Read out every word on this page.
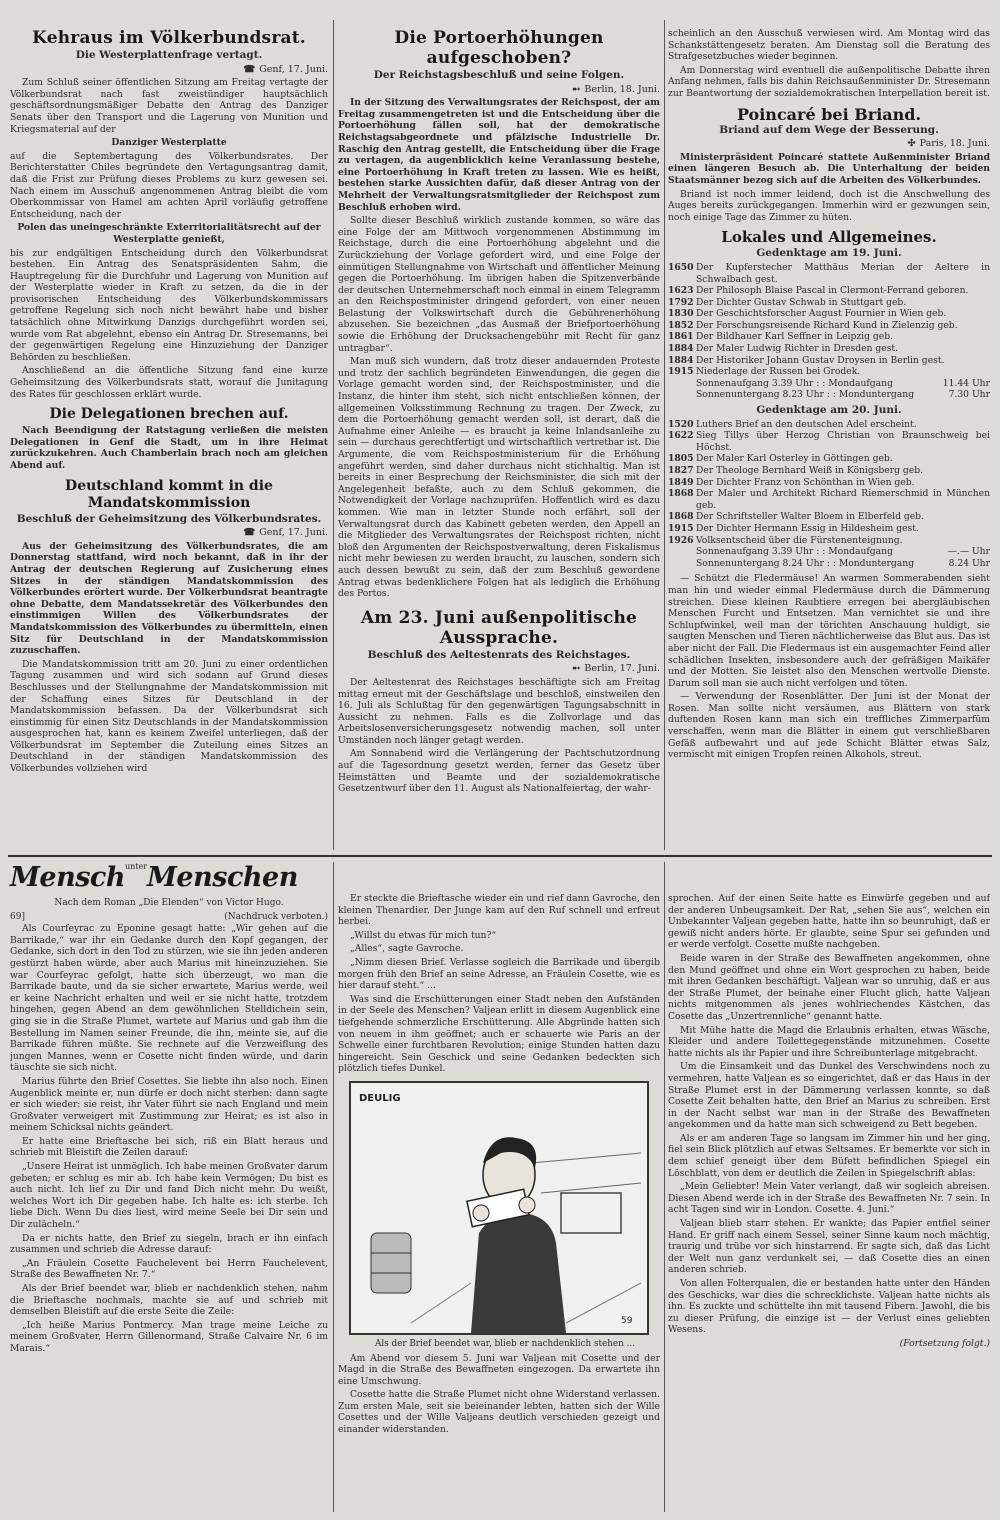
Kehraus im Völkerbundsrat.
Die Westerplattenfrage vertagt.
☎ Genf, 17. Juni.

Zum Schluß seiner öffentlichen Sitzung am Freitag vertagte der Völkerbundsrat nach fast zweistündiger hauptsächlich geschäftsordnungsmäßiger Debatte den Antrag des Danziger Senats über den Transport und die Lagerung von Munition und Kriegsmaterial auf der

Danziger Westerplatte

auf die Septembertagung des Völkerbundsrates. Der Berichterstatter Chiles begründete den Vertagungsantrag damit, daß die Frist zur Prüfung dieses Problems zu kurz gewesen sei. Nach einem im Ausschuß angenommenen Antrag bleibt die vom Oberkommissar von Hamel am achten April vorläufig getroffene Entscheidung, nach der

Polen das uneingeschränkte Exterritorialitätsrecht auf der Westerplatte genießt,

bis zur endgültigen Entscheidung durch den Völkerbundsrat bestehen. Ein Antrag des Senatspräsidenten Sahm, die Hauptregelung für die Durchfuhr und Lagerung von Munition auf der Westerplatte wieder in Kraft zu setzen, da die in der provisorischen Entscheidung des Völkerbundskommissars getroffene Regelung sich noch nicht bewährt habe und bisher tatsächlich ohne Mitwirkung Danzigs durchgeführt worden sei, wurde vom Rat abgelehnt, ebenso ein Antrag Dr. Stresemanns, bei der gegenwärtigen Regelung eine Hinzuziehung der Danziger Behörden zu beschließen.

Anschließend an die öffentliche Sitzung fand eine kurze Geheimsitzung des Völkerbundsrats statt, worauf die Junitagung des Rates für geschlossen erklärt wurde.

Die Delegationen brechen auf.

Nach Beendigung der Ratstagung verließen die meisten Delegationen in Genf die Stadt, um in ihre Heimat zurückzukehren. Auch Chamberlain brach noch am gleichen Abend auf.

Deutschland kommt in die Mandatskommission
Beschluß der Geheimsitzung des Völkerbundsrates.
☎ Genf, 17. Juni.

Aus der Geheimsitzung des Völkerbundsrates, die am Donnerstag stattfand, wird noch bekannt, daß in ihr der Antrag der deutschen Regierung auf Zusicherung eines Sitzes in der ständigen Mandatskommission des Völkerbundes erörtert wurde. Der Völkerbundsrat beantragte ohne Debatte, dem Mandatssekretär des Völkerbundes den einstimmigen Willen des Völkerbundsrates der Mandatskommission des Völkerbundes zu übermitteln, einen Sitz für Deutschland in der Mandatskommission zuzuschaffen.

Die Mandatskommission tritt am 20. Juni zu einer ordentlichen Tagung zusammen und wird sich sodann auf Grund dieses Beschlusses und der Stellungnahme der Mandatskommission mit der Schaffung eines Sitzes für Deutschland in der Mandatskommission befassen. Da der Völkerbundsrat sich einstimmig für einen Sitz Deutschlands in der Mandatskommission ausgesprochen hat, kann es keinem Zweifel unterliegen, daß der Völkerbundsrat im September die Zuteilung eines Sitzes an Deutschland in der ständigen Mandatskommission des Völkerbundes vollziehen wird

Die Portoerhöhungen aufgeschoben?
Der Reichstagsbeschluß und seine Folgen.
➸ Berlin, 18. Juni.

In der Sitzung des Verwaltungsrates der Reichspost, der am Freitag zusammengetreten ist und die Entscheidung über die Portoerhöhung fällen soll, hat der demokratische Reichstagsabgeordnete und pfälzische Industrielle Dr. Raschig den Antrag gestellt, die Entscheidung über die Frage zu vertagen, da augenblicklich keine Veranlassung bestehe, eine Portoerhöhung in Kraft treten zu lassen. Wie es heißt, bestehen starke Aussichten dafür, daß dieser Antrag von der Mehrheit der Verwaltungsratsmitglieder der Reichspost zum Beschluß erhoben wird.

Sollte dieser Beschluß wirklich zustande kommen, so wäre das eine Folge der am Mittwoch vorgenommenen Abstimmung im Reichstage, durch die eine Portoerhöhung abgelehnt und die Zurückziehung der Vorlage gefordert wird, und eine Folge der einmütigen Stellungnahme von Wirtschaft und öffentlicher Meinung gegen die Portoerhöhung. Im übrigen haben die Spitzenverbände der deutschen Unternehmerschaft noch einmal in einem Telegramm an den Reichspostminister dringend gefordert, von einer neuen Belastung der Volkswirtschaft durch die Gebührenerhöhung abzusehen. Sie bezeichnen „das Ausmaß der Briefportoerhöhung sowie die Erhöhung der Drucksachengebühr mit Recht für ganz untragbar“.

Man muß sich wundern, daß trotz dieser andauernden Proteste und trotz der sachlich begründeten Einwendungen, die gegen die Vorlage gemacht worden sind, der Reichspostminister, und die Instanz, die hinter ihm steht, sich nicht entschließen können, der allgemeinen Volksstimmung Rechnung zu tragen. Der Zweck, zu dem die Portoerhöhung gemacht werden soll, ist derart, daß die Aufnahme einer Anleihe — es braucht ja keine Inlandsanleihe zu sein — durchaus gerechtfertigt und wirtschaftlich vertretbar ist. Die Argumente, die vom Reichspostministerium für die Erhöhung angeführt werden, sind daher durchaus nicht stichhaltig. Man ist bereits in einer Besprechung der Reichsminister, die sich mit der Angelegenheit befaßte, auch zu dem Schluß gekommen, die Notwendigkeit der Vorlage nachzuprüfen. Hoffentlich wird es dazu kommen. Wie man in letzter Stunde noch erfährt, soll der Verwaltungsrat durch das Kabinett gebeten werden, den Appell an die Mitglieder des Verwaltungsrates der Reichspost richten, nicht bloß den Argumenten der Reichspostverwaltung, deren Fiskalismus nicht mehr bewiesen zu werden braucht, zu lauschen, sondern sich auch dessen bewußt zu sein, daß der zum Beschluß gewordene Antrag etwas bedenklichere Folgen hat als lediglich die Erhöhung des Portos.

Am 23. Juni außenpolitische Aussprache.
Beschluß des Aeltestenrats des Reichstages.
➸ Berlin, 17. Juni.

Der Aeltestenrat des Reichstages beschäftigte sich am Freitag mittag erneut mit der Geschäftslage und beschloß, einstweilen den 16. Juli als Schlußtag für den gegenwärtigen Tagungsabschnitt in Aussicht zu nehmen. Falls es die Zollvorlage und das Arbeitslosenversicherungsgesetz notwendig machen, soll unter Umständen noch länger getagt werden.

Am Sonnabend wird die Verlängerung der Pachtschutzordnung auf die Tagesordnung gesetzt werden, ferner das Gesetz über Heimstätten und Beamte und der sozialdemokratische Gesetzentwurf über den 11. August als Nationalfeiertag, der wahr-

scheinlich an den Ausschuß verwiesen wird. Am Montag wird das Schankstättengesetz beraten. Am Dienstag soll die Beratung des Strafgesetzbuches wieder beginnen.

Am Donnerstag wird eventuell die außenpolitische Debatte ihren Anfang nehmen, falls bis dahin Reichsaußenminister Dr. Stresemann zur Beantwortung der sozialdemokratischen Interpellation bereit ist.

Poincaré bei Briand.
Briand auf dem Wege der Besserung.
✣ Paris, 18. Juni.

Ministerpräsident Poincaré stattete Außenminister Briand einen längeren Besuch ab. Die Unterhaltung der beiden Staatsmänner bezog sich auf die Arbeiten des Völkerbundes.

Briand ist noch immer leidend, doch ist die Anschwellung des Auges bereits zurückgegangen. Immerhin wird er gezwungen sein, noch einige Tage das Zimmer zu hüten.

Lokales und Allgemeines.
Gedenktage am 19. Juni.
1650 Der Kupferstecher Matthäus Merian der Aeltere in Schwalbach gest.
1623 Der Philosoph Blaise Pascal in Clermont-Ferrand geboren.
1792 Der Dichter Gustav Schwab in Stuttgart geb.
1830 Der Geschichtsforscher August Fournier in Wien geb.
1852 Der Forschungsreisende Richard Kund in Zielenzig geb.
1861 Der Bildhauer Karl Seffner in Leipzig geb.
1884 Der Maler Ludwig Richter in Dresden gest.
1884 Der Historiker Johann Gustav Droysen in Berlin gest.
1915 Niederlage der Russen bei Grodek.
Sonnenaufgang 3.39 Uhr : : Mondaufgang	11.44 Uhr
Sonnenuntergang 8.23 Uhr : : Monduntergang	7.30 Uhr
Gedenktage am 20. Juni.
1520 Luthers Brief an den deutschen Adel erscheint.
1622 Sieg Tillys über Herzog Christian von Braunschweig bei Höchst.
1805 Der Maler Karl Osterley in Göttingen geb.
1827 Der Theologe Bernhard Weiß in Königsberg geb.
1849 Der Dichter Franz von Schönthan in Wien geb.
1868 Der Maler und Architekt Richard Riemerschmid in München geb.
1868 Der Schriftsteller Walter Bloem in Elberfeld geb.
1915 Der Dichter Hermann Essig in Hildesheim gest.
1926 Volksentscheid über die Fürstenenteignung.
Sonnenaufgang 3.39 Uhr : : Mondaufgang	—.— Uhr
Sonnenuntergang 8.24 Uhr : : Monduntergang	8.24 Uhr

— Schützt die Fledermäuse! An warmen Sommerabenden sieht man hin und wieder einmal Fledermäuse durch die Dämmerung streichen. Diese kleinen Raubtiere erregen bei abergläubischen Menschen Furcht und Entsetzen. Man vernichtet sie und ihre Schlupfwinkel, weil man der törichten Anschauung huldigt, sie saugten Menschen und Tieren nächtlicherweise das Blut aus. Das ist aber nicht der Fall. Die Fledermaus ist ein ausgemachter Feind aller schädlichen Insekten, insbesondere auch der gefräßigen Maikäfer und der Motten. Sie leistet also den Menschen wertvolle Dienste. Darum soll man sie auch nicht verfolgen und töten.

— Verwendung der Rosenblätter. Der Juni ist der Monat der Rosen. Man sollte nicht versäumen, aus Blättern von stark duftenden Rosen kann man sich ein treffliches Zimmerparfüm verschaffen, wenn man die Blätter in einem gut verschließbaren Gefäß aufbewahrt und auf jede Schicht Blätter etwas Salz, vermischt mit einigen Tropfen reinen Alkohols, streut.

Mensch$^{unter}$Menschen

Nach dem Roman „Die Elenden“ von Victor Hugo.

69]	(Nachdruck verboten.)

Als Courfeyrac zu Eponine gesagt hatte: „Wir gehen auf die Barrikade,“ war ihr ein Gedanke durch den Kopf gegangen, der Gedanke, sich dort in den Tod zu stürzen, wie sie ihn jeden anderen gestürzt haben würde, aber auch Marius mit hineinzuziehen. Sie war Courfeyrac gefolgt, hatte sich überzeugt, wo man die Barrikade baute, und da sie sicher erwartete, Marius werde, weil er keine Nachricht erhalten und weil er sie nicht hatte, trotzdem hingehen, gegen Abend an dem gewöhnlichen Stelldichein sein, ging sie in die Straße Plumet, wartete auf Marius und gab ihm die Bestellung im Namen seiner Freunde, die ihn, meinte sie, auf die Barrikade führen müßte. Sie rechnete auf die Verzweiflung des jungen Mannes, wenn er Cosette nicht finden würde, und darin täuschte sie sich nicht.

Marius führte den Brief Cosettes. Sie liebte ihn also noch. Einen Augenblick meinte er, nun dürfe er doch nicht sterben: dann sagte er sich wieder: sie reist, ihr Vater führt sie nach England und mein Großvater verweigert mit Zustimmung zur Heirat; es ist also in meinem Schicksal nichts geändert.

Er hatte eine Brieftasche bei sich, riß ein Blatt heraus und schrieb mit Bleistift die Zeilen darauf:

„Unsere Heirat ist unmöglich. Ich habe meinen Großvater darum gebeten; er schlug es mir ab. Ich habe kein Vermögen; Du bist es auch nicht. Ich lief zu Dir und fand Dich nicht mehr. Du weißt, welches Wort ich Dir gegeben habe. Ich halte es: ich sterbe. Ich liebe Dich. Wenn Du dies liest, wird meine Seele bei Dir sein und Dir zulächeln.“

Da er nichts hatte, den Brief zu siegeln, brach er ihn einfach zusammen und schrieb die Adresse darauf:

„An Fräulein Cosette Fauchelevent bei Herrn Fauchelevent, Straße des Bewaffneten Nr. 7.“

Als der Brief beendet war, blieb er nachdenklich stehen, nahm die Brieftasche nochmals, machte sie auf und schrieb mit demselben Bleistift auf die erste Seite die Zeile:

„Ich heiße Marius Pontmercy. Man trage meine Leiche zu meinem Großvater, Herrn Gillenormand, Straße Calvaire Nr. 6 im Marais.“

Er steckte die Brieftasche wieder ein und rief dann Gavroche, den kleinen Thenardier. Der Junge kam auf den Ruf schnell und erfreut herbei.

„Willst du etwas für mich tun?“

„Alles“, sagte Gavroche.

„Nimm diesen Brief. Verlasse sogleich die Barrikade und übergib morgen früh den Brief an seine Adresse, an Fräulein Cosette, wie es hier darauf steht.“ ...

Was sind die Erschütterungen einer Stadt neben den Aufständen in der Seele des Menschen? Valjean erlitt in diesem Augenblick eine tiefgehende schmerzliche Erschütterung. Alle Abgründe hatten sich von neuem in ihm geöffnet; auch er schauerte wie Paris an der Schwelle einer furchtbaren Revolution; einige Stunden hatten dazu hingereicht. Sein Geschick und seine Gedanken bedeckten sich plötzlich tiefes Dunkel.

DEULIG
59

Als der Brief beendet war, blieb er nachdenklich stehen ...

Am Abend vor diesem 5. Juni war Valjean mit Cosette und der Magd in die Straße des Bewaffneten eingezogen. Da erwartete ihn eine Umschwung.

Cosette hatte die Straße Plumet nicht ohne Widerstand verlassen. Zum ersten Male, seit sie beieinander lebten, hatten sich der Wille Cosettes und der Wille Valjeans deutlich verschieden gezeigt und einander widerstanden.

sprochen. Auf der einen Seite hatte es Einwürfe gegeben und auf der anderen Unbeugsamkeit. Der Rat, „sehen Sie aus“, welchen ein Unbekannter Valjean gegeben hatte, hatte ihn so beunruhigt, daß er gewiß nicht anders hörte. Er glaubte, seine Spur sei gefunden und er werde verfolgt. Cosette mußte nachgeben.

Beide waren in der Straße des Bewaffneten angekommen, ohne den Mund geöffnet und ohne ein Wort gesprochen zu haben, beide mit ihren Gedanken beschäftigt. Valjean war so unruhig, daß er aus der Straße Plumet, der beinahe einer Flucht glich, hatte Valjean nichts mitgenommen als jenes wohlriechendes Kästchen, das Cosette das „Unzertrennliche“ genannt hatte.

Mit Mühe hatte die Magd die Erlaubnis erhalten, etwas Wäsche, Kleider und andere Toilettegegenstände mitzunehmen. Cosette hatte nichts als ihr Papier und ihre Schreibunterlage mitgebracht.

Um die Einsamkeit und das Dunkel des Verschwindens noch zu vermehren, hatte Valjean es so eingerichtet, daß er das Haus in der Straße Plumet erst in der Dämmerung verlassen konnte, so daß Cosette Zeit behalten hatte, den Brief an Marius zu schreiben. Erst in der Nacht selbst war man in der Straße des Bewaffneten angekommen und da hatte man sich schweigend zu Bett begeben.

Als er am anderen Tage so langsam im Zimmer hin und her ging, fiel sein Blick plötzlich auf etwas Seltsames. Er bemerkte vor sich in dem schief geneigt über dem Büfett befindlichen Spiegel ein Löschblatt, von dem er deutlich die Zeilen in Spiegelschrift ablas:

„Mein Geliebter! Mein Vater verlangt, daß wir sogleich abreisen. Diesen Abend werde ich in der Straße des Bewaffneten Nr. 7 sein. In acht Tagen sind wir in London. Cosette. 4. Juni.“

Valjean blieb starr stehen. Er wankte; das Papier entfiel seiner Hand. Er griff nach einem Sessel, seiner Sinne kaum noch mächtig, traurig und trübe vor sich hinstarrend. Er sagte sich, daß das Licht der Welt nun ganz verdunkelt sei, — daß Cosette dies an einen anderen schrieb.

Von allen Folterqualen, die er bestanden hatte unter den Händen des Geschicks, war dies die schrecklichste. Valjean hatte nichts als ihn. Es zuckte und schüttelte ihn mit tausend Fibern. Jawohl, die bis zu dieser Prüfung, die einzige ist — der Verlust eines geliebten Wesens.

(Fortsetzung folgt.)
